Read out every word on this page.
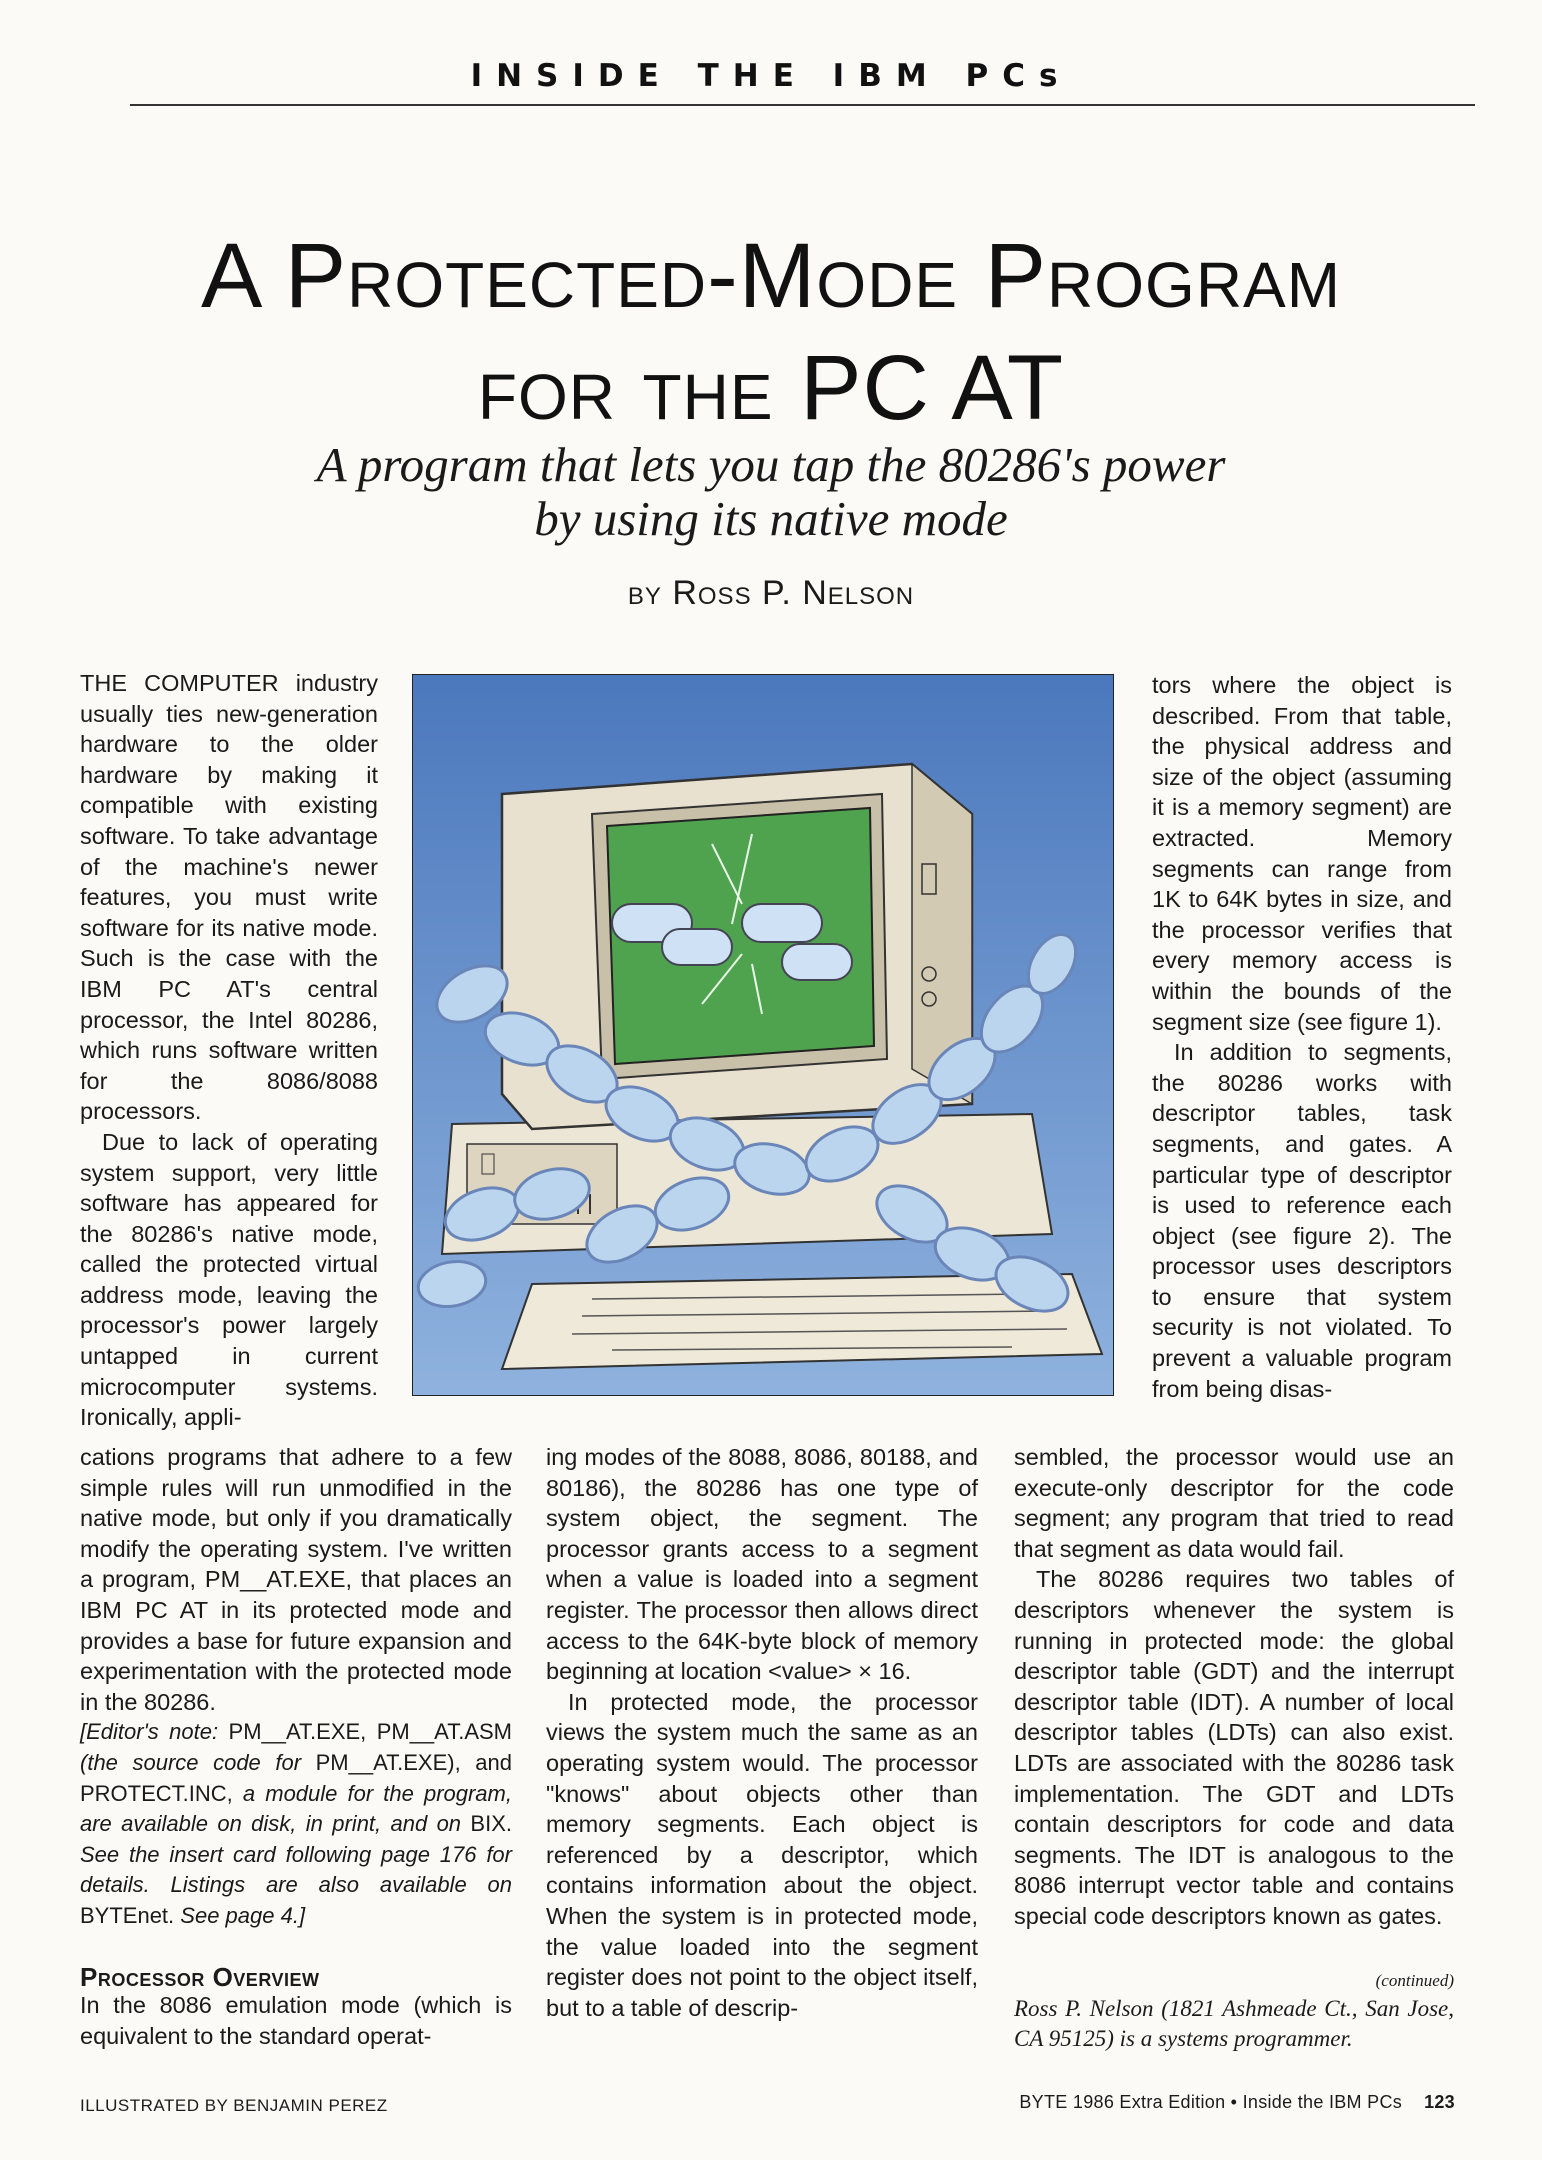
INSIDE THE IBM PCs
A Protected-Mode Program
for the PC AT
A program that lets you tap the 80286's power
by using its native mode
by Ross P. Nelson

THE COMPUTER industry usually ties new-generation hardware to the older hardware by making it compatible with existing software. To take advantage of the machine's newer features, you must write software for its native mode. Such is the case with the IBM PC AT's central processor, the Intel 80286, which runs software written for the 8086/8088 processors.

Due to lack of operating system support, very little software has appeared for the 80286's native mode, called the protected virtual address mode, leaving the processor's power largely untapped in current microcomputer systems. Ironically, appli-

tors where the object is described. From that table, the physical address and size of the object (assuming it is a memory segment) are extracted. Memory segments can range from 1K to 64K bytes in size, and the processor verifies that every memory access is within the bounds of the segment size (see figure 1).

In addition to segments, the 80286 works with descriptor tables, task segments, and gates. A particular type of descriptor is used to reference each object (see figure 2). The processor uses descriptors to ensure that system security is not violated. To prevent a valuable program from being disas-

cations programs that adhere to a few simple rules will run unmodified in the native mode, but only if you dramatically modify the operating system. I've written a program, PM__AT.EXE, that places an IBM PC AT in its protected mode and provides a base for future expansion and experimentation with the protected mode in the 80286.

[Editor's note: PM__AT.EXE, PM__AT.ASM (the source code for PM__AT.EXE), and PROTECT.INC, a module for the program, are available on disk, in print, and on BIX. See the insert card following page 176 for details. Listings are also available on BYTEnet. See page 4.]

Processor Overview

In the 8086 emulation mode (which is equivalent to the standard operat-

ing modes of the 8088, 8086, 80188, and 80186), the 80286 has one type of system object, the segment. The processor grants access to a segment when a value is loaded into a segment register. The processor then allows direct access to the 64K-byte block of memory beginning at location <value> × 16.

In protected mode, the processor views the system much the same as an operating system would. The processor "knows" about objects other than memory segments. Each object is referenced by a descriptor, which contains information about the object. When the system is in protected mode, the value loaded into the segment register does not point to the object itself, but to a table of descrip-

sembled, the processor would use an execute-only descriptor for the code segment; any program that tried to read that segment as data would fail.

The 80286 requires two tables of descriptors whenever the system is running in protected mode: the global descriptor table (GDT) and the interrupt descriptor table (IDT). A number of local descriptor tables (LDTs) can also exist. LDTs are associated with the 80286 task implementation. The GDT and LDTs contain descriptors for code and data segments. The IDT is analogous to the 8086 interrupt vector table and contains special code descriptors known as gates.

(continued)
Ross P. Nelson (1821 Ashmeade Ct., San Jose, CA 95125) is a systems programmer.
ILLUSTRATED BY BENJAMIN PEREZ	BYTE 1986 Extra Edition • Inside the IBM PCs 123
